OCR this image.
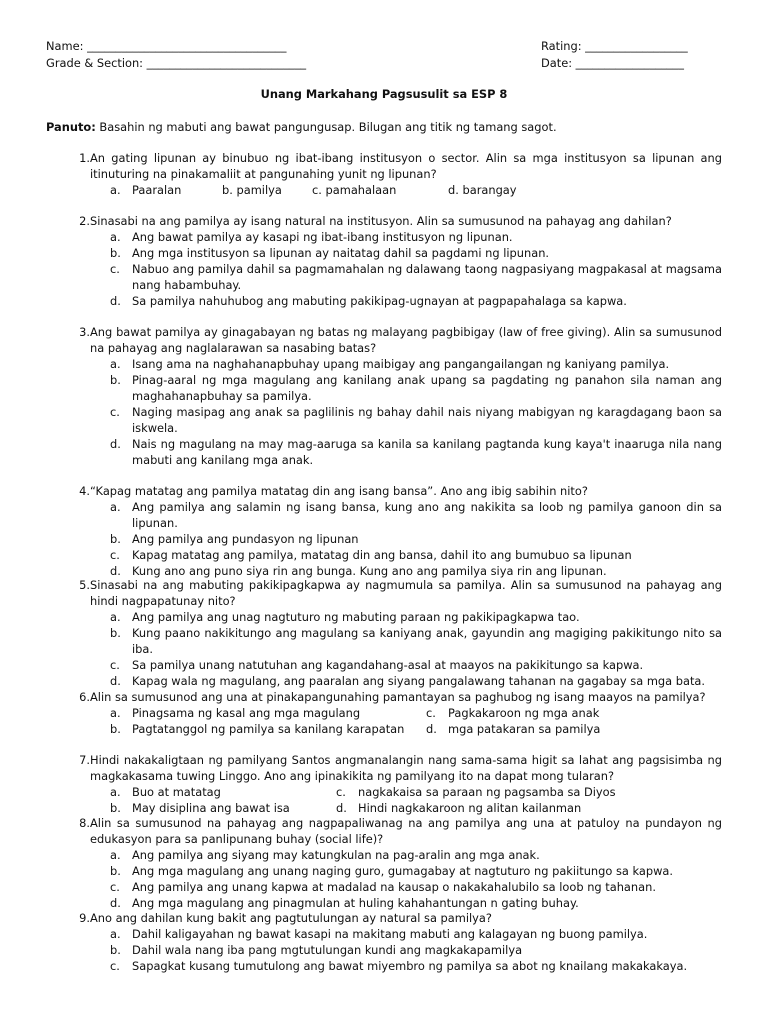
Name: ___________________________________
Grade & Section: ____________________________
Rating: __________________
Date: ___________________
Unang Markahang Pagsusulit sa ESP 8
Panuto: Basahin ng mabuti ang bawat pangungusap. Bilugan ang titik ng tamang sagot.
1. An gating lipunan ay binubuo ng ibat-ibang institusyon o sector. Alin sa mga institusyon sa lipunan ang itinuturing na pinakamaliit at pangunahing yunit ng lipunan?
a. Paaralan	b.
pamilya	c.
pamahalaan	d.
barangay
2. Sinasabi na ang pamilya ay isang natural na institusyon. Alin sa sumusunod na pahayag ang dahilan?
a. Ang bawat pamilya ay kasapi ng ibat-ibang institusyon ng lipunan.
b. Ang mga institusyon sa lipunan ay naitatag dahil sa pagdami ng lipunan.
c.	Nabuo ang pamilya dahil sa pagmamahalan ng dalawang taong nagpasiyang magpakasal at magsama nang habambuhay.
d. Sa pamilya nahuhubog ang mabuting pakikipag-ugnayan at pagpapahalaga sa kapwa.
3. Ang bawat pamilya ay ginagabayan ng batas ng malayang pagbibigay (law of free giving). Alin sa sumusunod na pahayag ang naglalarawan sa nasabing batas?
a. Isang ama na naghahanapbuhay upang maibigay ang pangangailangan ng kaniyang pamilya.
b. Pinag-aaral ng mga magulang ang kanilang anak upang sa pagdating ng panahon sila naman ang maghahanapbuhay sa pamilya.
c.	Naging masipag ang anak sa paglilinis ng bahay dahil nais niyang mabigyan ng karagdagang baon sa iskwela.
d. Nais ng magulang na may mag-aaruga sa kanila sa kanilang pagtanda kung kaya't inaaruga nila nang mabuti ang kanilang mga anak.
4. “Kapag matatag ang pamilya matatag din ang isang bansa”. Ano ang ibig sabihin nito?
a. Ang pamilya ang salamin ng isang bansa, kung ano ang nakikita sa loob ng pamilya ganoon din sa lipunan.
b. Ang pamilya ang pundasyon ng lipunan
c.	Kapag matatag ang pamilya, matatag din ang bansa, dahil ito ang bumubuo sa lipunan
d. Kung ano ang puno siya rin ang bunga. Kung ano ang pamilya siya rin ang lipunan.
5. Sinasabi na ang mabuting pakikipagkapwa ay nagmumula sa pamilya. Alin sa sumusunod na pahayag ang hindi nagpapatunay nito?
a. Ang pamilya ang unag nagtuturo ng mabuting paraan ng pakikipagkapwa tao.
b. Kung paano nakikitungo ang magulang sa kaniyang anak, gayundin ang magiging pakikitungo nito sa iba.
c.	Sa pamilya unang natutuhan ang kagandahang-asal at maayos na pakikitungo sa kapwa.
d. Kapag wala ng magulang, ang paaralan ang siyang pangalawang tahanan na gagabay sa mga bata.
6. Alin sa sumusunod ang una at pinakapangunahing pamantayan sa paghubog ng isang maayos na pamilya?
a. Pinagsama ng kasal ang mga magulang	c.	Pagkakaroon ng mga anak
b. Pagtatanggol ng pamilya sa kanilang karapatan d. mga patakaran sa pamilya
7. Hindi nakakaligtaan ng pamilyang Santos angmanalangin nang sama-sama higit sa lahat ang pagsisimba ng magkakasama tuwing Linggo. Ano ang ipinakikita ng pamilyang ito na dapat mong tularan?
a. Buo at matatag	c.	nagkakaisa sa paraan ng pagsamba sa Diyos
b. May disiplina ang bawat isa	d. Hindi nagkakaroon ng alitan kailanman
8. Alin sa sumusunod na pahayag ang nagpapaliwanag na ang pamilya ang una at patuloy na pundayon ng edukasyon para sa panlipunang buhay (social life)?
a. Ang pamilya ang siyang may katungkulan na pag-aralin ang mga anak.
b. Ang mga magulang ang unang naging guro, gumagabay at nagtuturo ng pakiitungo sa kapwa.
c.	Ang pamilya ang unang kapwa at madalad na kausap o nakakahalubilo sa loob ng tahanan.
d. Ang mga magulang ang pinagmulan at huling kahahantungan n gating buhay.
9. Ano ang dahilan kung bakit ang pagtutulungan ay natural sa pamilya?
a. Dahil kaligayahan ng bawat kasapi na makitang mabuti ang kalagayan ng buong pamilya.
b. Dahil wala nang iba pang mgtutulungan kundi ang magkakapamilya
c.	Sapagkat kusang tumutulong ang bawat miyembro ng pamilya sa abot ng knailang makakakaya.
